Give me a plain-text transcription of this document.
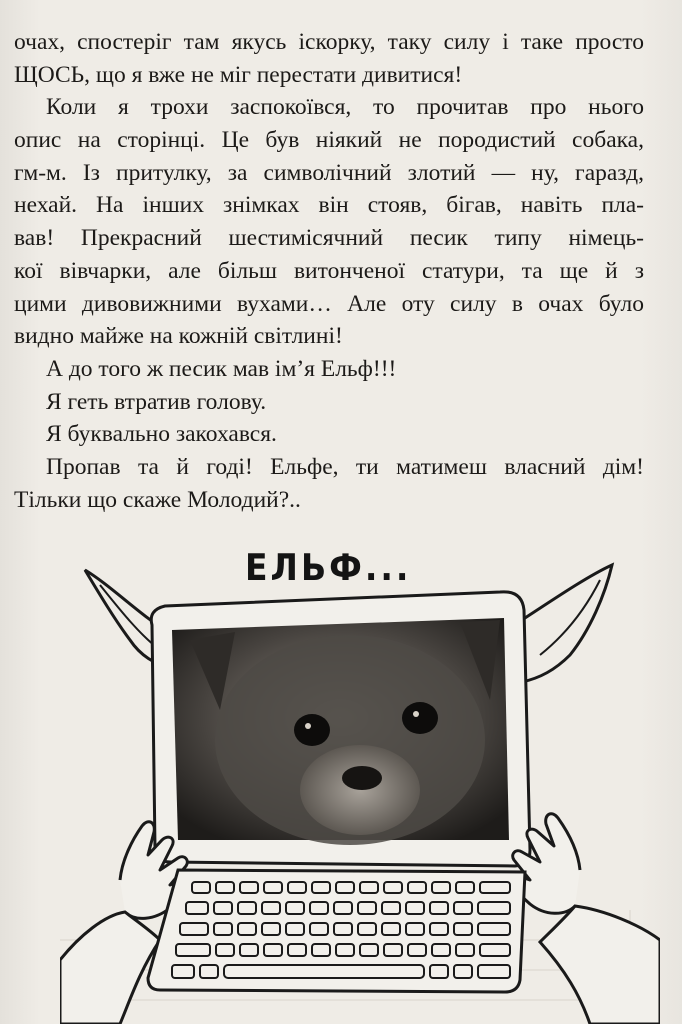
очах, спостеріг там якусь іскорку, таку силу і таке просто
ЩОСЬ, що я вже не міг перестати дивитися!
Коли я трохи заспокоївся, то прочитав про нього
опис на сторінці. Це був ніякий не породистий собака,
гм-м. Із притулку, за символічний злотий — ну, гаразд,
нехай. На інших знімках він стояв, бігав, навіть пла-
вав! Прекрасний шестимісячний песик типу німець-
кої вівчарки, але більш витонченої статури, та ще й з
цими дивовижними вухами… Але оту силу в очах було
видно майже на кожній світлині!
А до того ж песик мав ім’я Ельф!!!
Я геть втратив голову.
Я буквально закохався.
Пропав та й годі! Ельфе, ти матимеш власний дім!
Тільки що скаже Молодий?..
ЕЛЬФ...
